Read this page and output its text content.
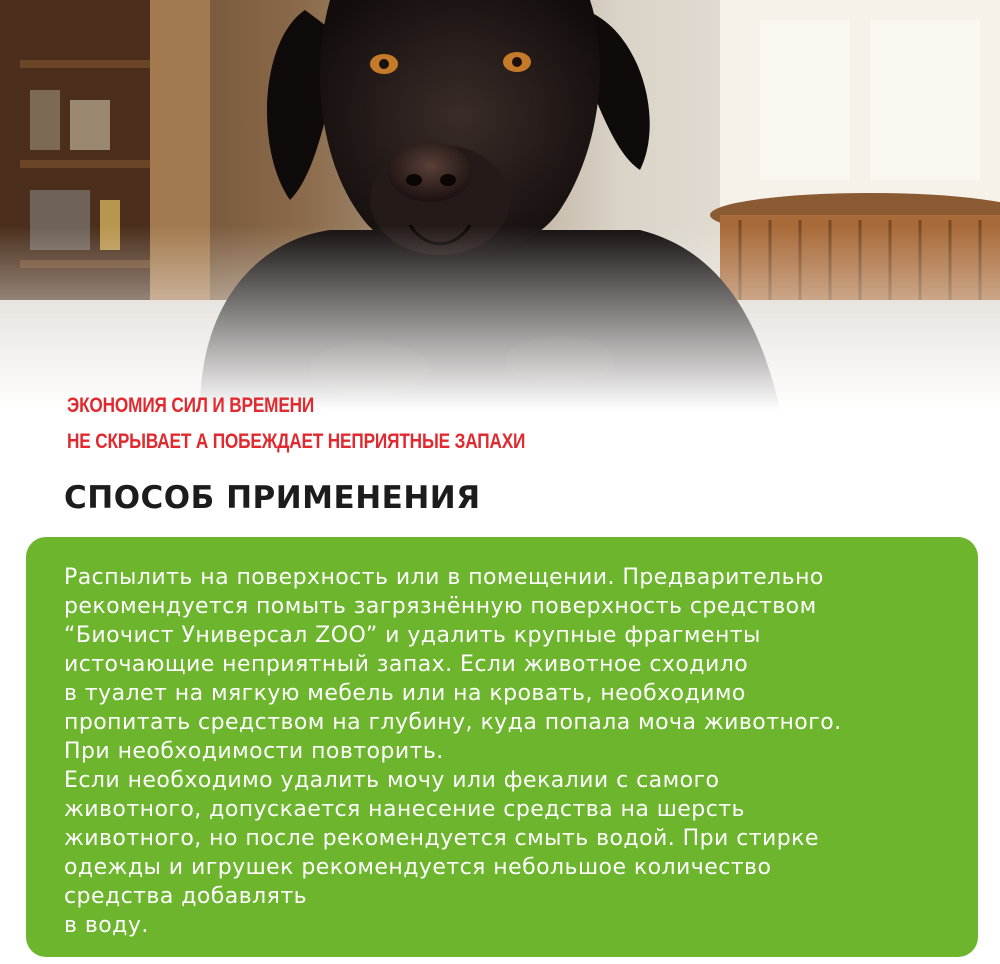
ЭКОНОМИЯ СИЛ И ВРЕМЕНИ
НЕ СКРЫВАЕТ А ПОБЕЖДАЕТ НЕПРИЯТНЫЕ ЗАПАХИ
СПОСОБ ПРИМЕНЕНИЯ

Распылить на поверхность или в помещении. Предварительно
рекомендуется помыть загрязнённую поверхность средством
“Биочист Универсал ZOO” и удалить крупные фрагменты
источающие неприятный запах. Если животное сходило
в туалет на мягкую мебель или на кровать, необходимо
пропитать средством на глубину, куда попала моча животного.
При необходимости повторить.

Если необходимо удалить мочу или фекалии с самого
животного, допускается нанесение средства на шерсть
животного, но после рекомендуется смыть водой. При стирке
одежды и игрушек рекомендуется небольшое количество
средства добавлять
в воду.
